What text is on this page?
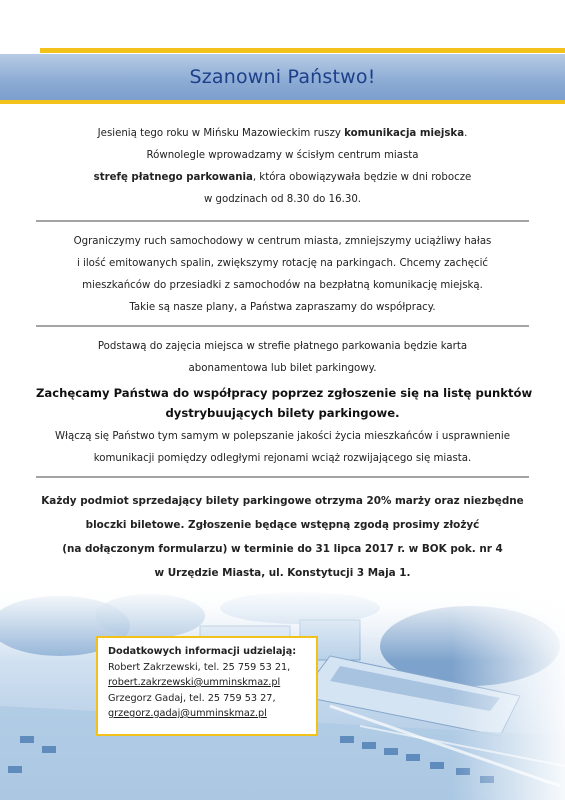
Szanowni Państwo!
Jesienią tego roku w Mińsku Mazowieckim ruszy komunikacja miejska.
Równolegle wprowadzamy w ścisłym centrum miasta
strefę płatnego parkowania, która obowiązywała będzie w dni robocze
w godzinach od 8.30 do 16.30.
Ograniczymy ruch samochodowy w centrum miasta, zmniejszymy uciążliwy hałas
i ilość emitowanych spalin, zwiększymy rotację na parkingach. Chcemy zachęcić
mieszkańców do przesiadki z samochodów na bezpłatną komunikację miejską.
Takie są nasze plany, a Państwa zapraszamy do współpracy.
Podstawą do zajęcia miejsca w strefie płatnego parkowania będzie karta
abonamentowa lub bilet parkingowy.
Zachęcamy Państwa do współpracy poprzez zgłoszenie się na listę punktów
dystrybuujących bilety parkingowe.
Włączą się Państwo tym samym w polepszanie jakości życia mieszkańców i usprawnienie
komunikacji pomiędzy odległymi rejonami wciąż rozwijającego się miasta.
Każdy podmiot sprzedający bilety parkingowe otrzyma 20% marży oraz niezbędne
bloczki biletowe. Zgłoszenie będące wstępną zgodą prosimy złożyć
(na dołączonym formularzu) w terminie do 31 lipca 2017 r. w BOK pok. nr 4
w Urzędzie Miasta, ul. Konstytucji 3 Maja 1.
Dodatkowych informacji udzielają:
Robert Zakrzewski, tel. 25 759 53 21,
robert.zakrzewski@umminskmaz.pl
Grzegorz Gadaj, tel. 25 759 53 27,
grzegorz.gadaj@umminskmaz.pl
